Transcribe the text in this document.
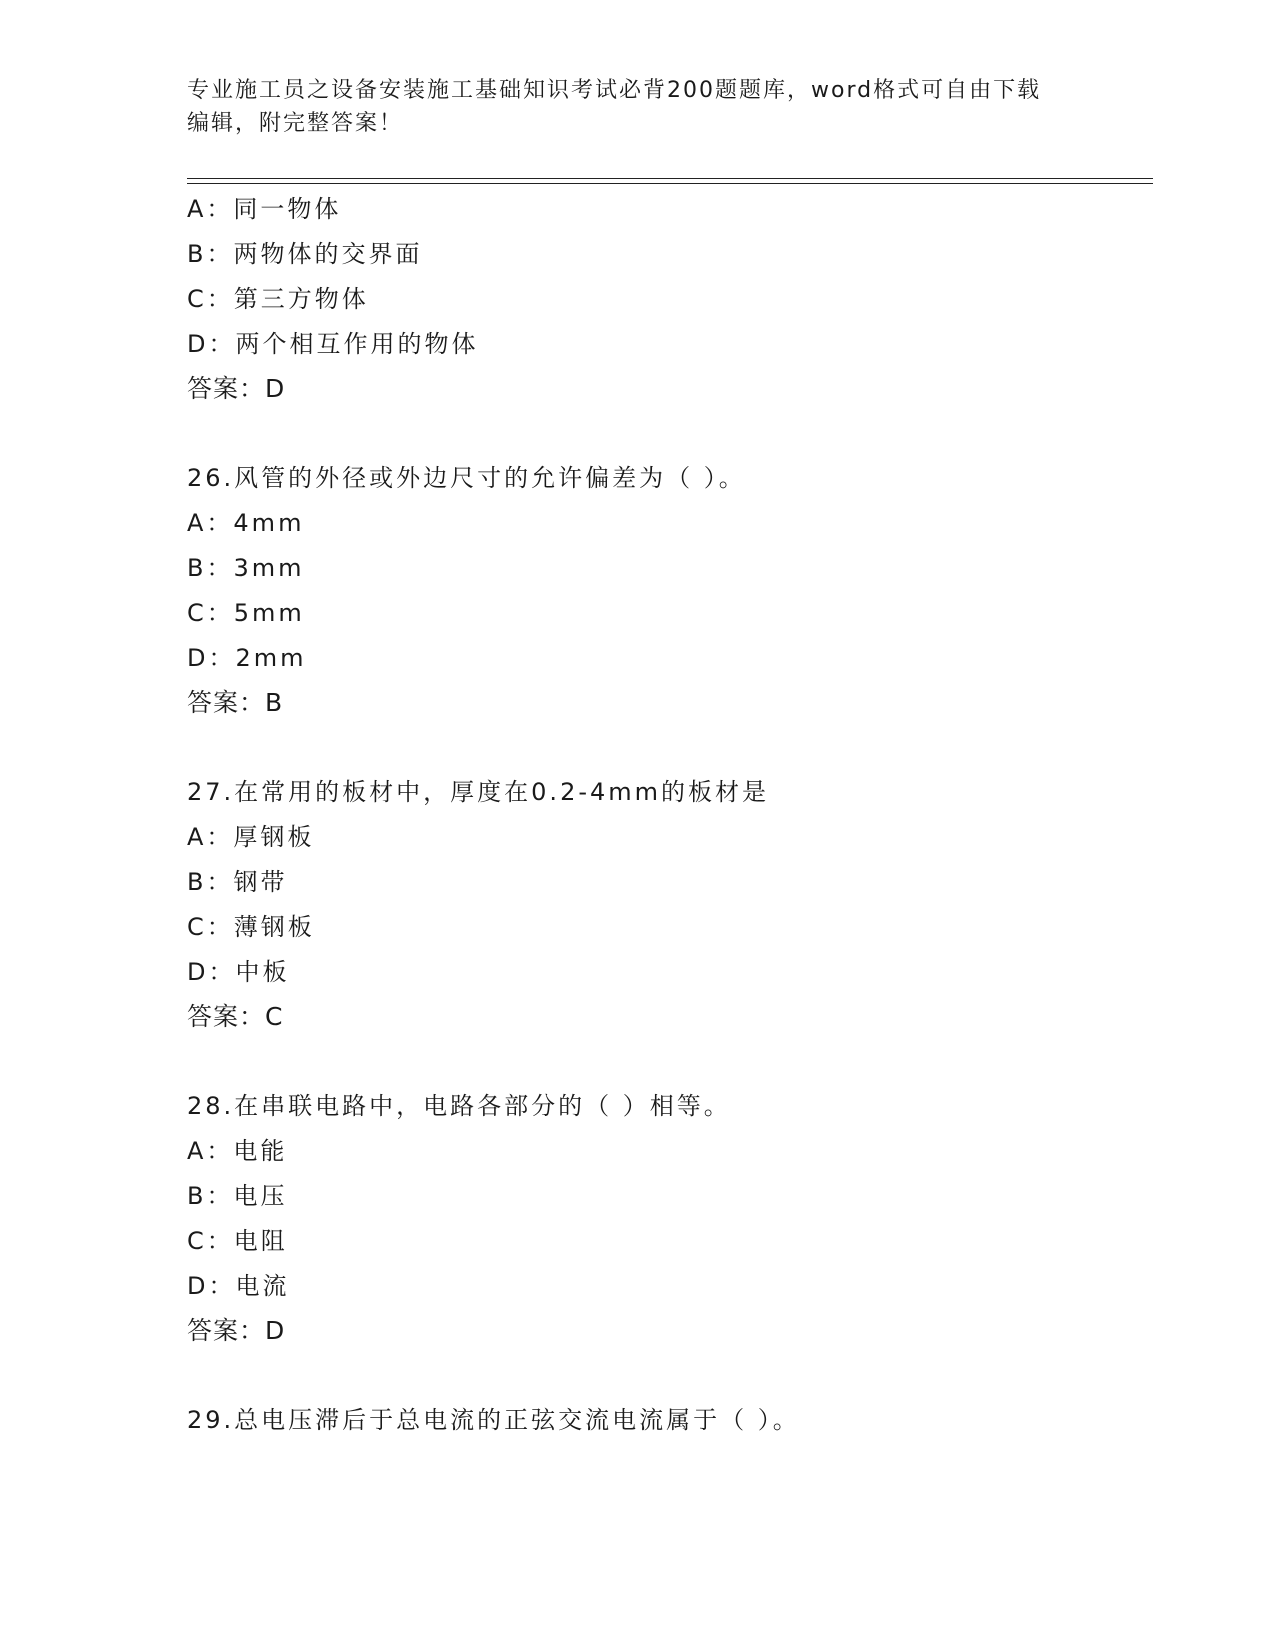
专业施工员之设备安装施工基础知识考试必背200题题库，word格式可自由下载
编辑，附完整答案！
A：同一物体
B：两物体的交界面
C：第三方物体
D：两个相互作用的物体
答案：D
26.风管的外径或外边尺寸的允许偏差为（ ）。
A：4mm
B：3mm
C：5mm
D：2mm
答案：B
27.在常用的板材中，厚度在0.2-4mm的板材是
A：厚钢板
B：钢带
C：薄钢板
D：中板
答案：C
28.在串联电路中，电路各部分的（ ）相等。
A：电能
B：电压
C：电阻
D：电流
答案：D
29.总电压滞后于总电流的正弦交流电流属于（ ）。
